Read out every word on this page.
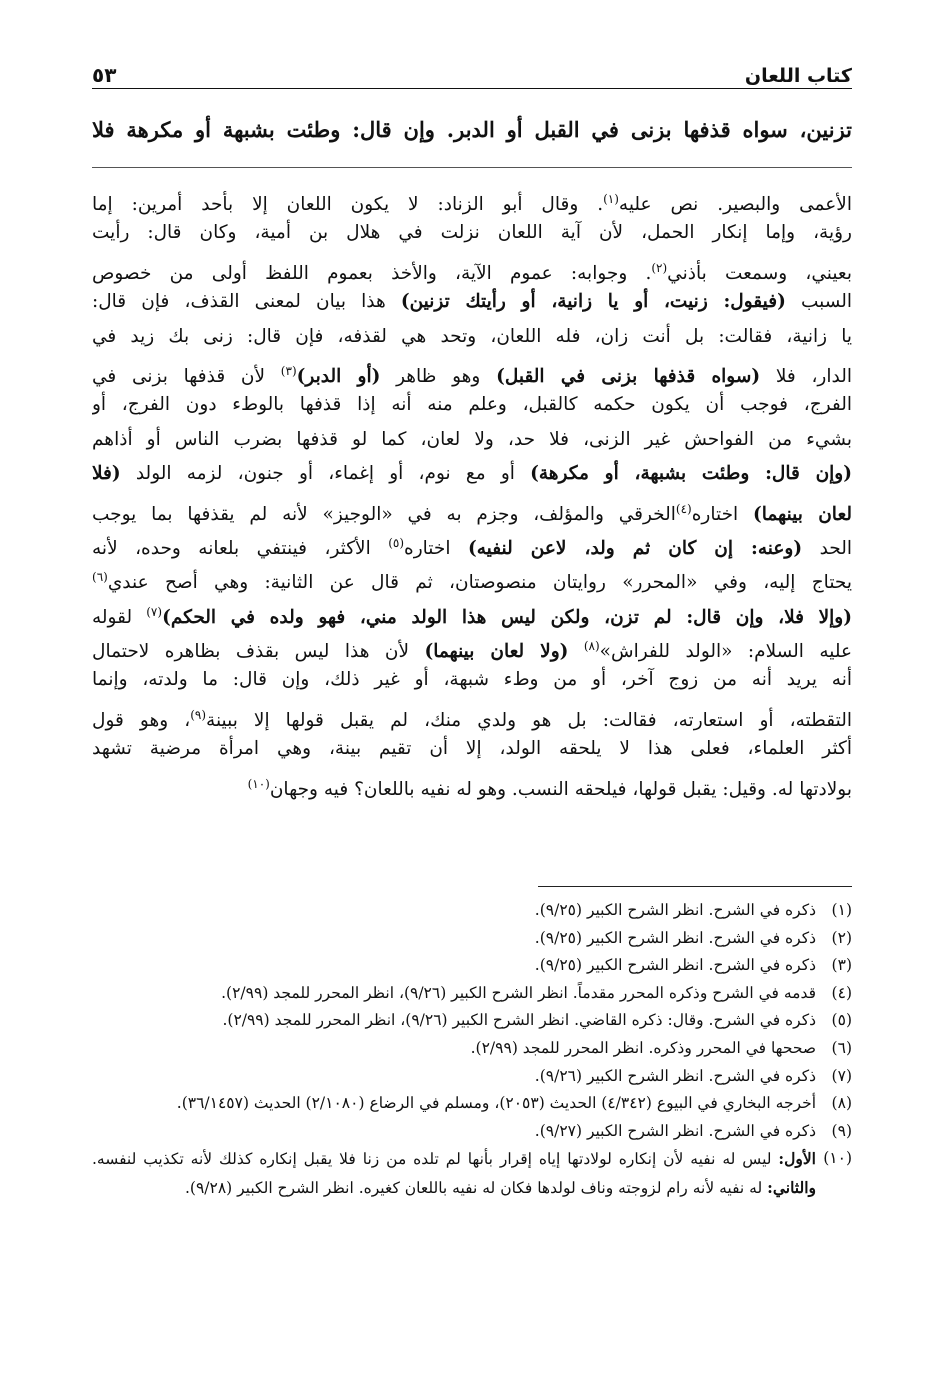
كتاب اللعان
٥٣
تزنين، سواه قذفها بزنى في القبل أو الدبر. وإن قال: وطئت بشبهة أو مكرهة فلا
الأعمى والبصير. نص عليه$^{(١)}$. وقال أبو الزناد: لا يكون اللعان إلا بأحد أمرين: إما
رؤية، وإما إنكار الحمل، لأن آية اللعان نزلت في هلال بن أمية، وكان قال: رأيت
بعيني، وسمعت بأذني$^{(٢)}$. وجوابه: عموم الآية، والأخذ بعموم اللفظ أولى من خصوص
السبب (فيقول: زنيت، أو يا زانية، أو رأيتك تزنين) هذا بيان لمعنى القذف، فإن قال:
يا زانية، فقالت: بل أنت زان، فله اللعان، وتحد هي لقذفه، فإن قال: زنى بك زيد في
الدار، فلا (سواه قذفها بزنى في القبل) وهو ظاهر (أو الدبر)$^{(٣)}$ لأن قذفها بزنى في
الفرج، فوجب أن يكون حكمه كالقبل، وعلم منه أنه إذا قذفها بالوطء دون الفرج، أو
بشيء من الفواحش غير الزنى، فلا حد، ولا لعان، كما لو قذفها بضرب الناس أو أذاهم
(وإن قال: وطئت بشبهة، أو مكرهة) أو مع نوم، أو إغماء، أو جنون، لزمه الولد (فلا
لعان بينهما) اختاره$^{(٤)}$الخرقي والمؤلف، وجزم به في «الوجيز» لأنه لم يقذفها بما يوجب
الحد (وعنه: إن كان ثم ولد، لاعن لنفيه) اختاره$^{(٥)}$ الأكثر، فينتفي بلعانه وحده، لأنه
يحتاج إليه، وفي «المحرر» روايتان منصوصتان، ثم قال عن الثانية: وهي أصح عندي$^{(٦)}$
(وإلا فلا، وإن قال: لم تزن، ولكن ليس هذا الولد مني، فهو ولده في الحكم)$^{(٧)}$ لقوله
عليه السلام: «الولد للفراش»$^{(٨)}$ (ولا لعان بينهما) لأن هذا ليس بقذف بظاهره لاحتمال
أنه يريد أنه من زوج آخر، أو من وطء شبهة، أو غير ذلك، وإن قال: ما ولدته، وإنما
التقطته، أو استعارته، فقالت: بل هو ولدي منك، لم يقبل قولها إلا ببينة$^{(٩)}$، وهو قول
أكثر العلماء، فعلى هذا لا يلحقه الولد، إلا أن تقيم بينة، وهي امرأة مرضية تشهد
بولادتها له. وقيل: يقبل قولها، فيلحقه النسب. وهو له نفيه باللعان؟ فيه وجهان$^{(١٠)}$
(١)
ذكره في الشرح. انظر الشرح الكبير (٩/٢٥).
(٢)
ذكره في الشرح. انظر الشرح الكبير (٩/٢٥).
(٣)
ذكره في الشرح. انظر الشرح الكبير (٩/٢٥).
(٤)
قدمه في الشرح وذكره المحرر مقدماً. انظر الشرح الكبير (٩/٢٦)، انظر المحرر للمجد (٢/٩٩).
(٥)
ذكره في الشرح. وقال: ذكره القاضي. انظر الشرح الكبير (٩/٢٦)، انظر المحرر للمجد (٢/٩٩).
(٦)
صححها في المحرر وذكره. انظر المحرر للمجد (٢/٩٩).
(٧)
ذكره في الشرح. انظر الشرح الكبير (٩/٢٦).
(٨)
أخرجه البخاري في البيوع (٤/٣٤٢) الحديث (٢٠٥٣)، ومسلم في الرضاع (٢/١٠٨٠) الحديث (٣٦/١٤٥٧).
(٩)
ذكره في الشرح. انظر الشرح الكبير (٩/٢٧).
(١٠)
الأول: ليس له نفيه لأن إنكاره لولادتها إياه إقرار بأنها لم تلده من زنا فلا يقبل إنكاره كذلك لأنه تكذيب لنفسه. والثاني: له نفيه لأنه رام لزوجته وناف لولدها فكان له نفيه باللعان كغيره. انظر الشرح الكبير (٩/٢٨).
